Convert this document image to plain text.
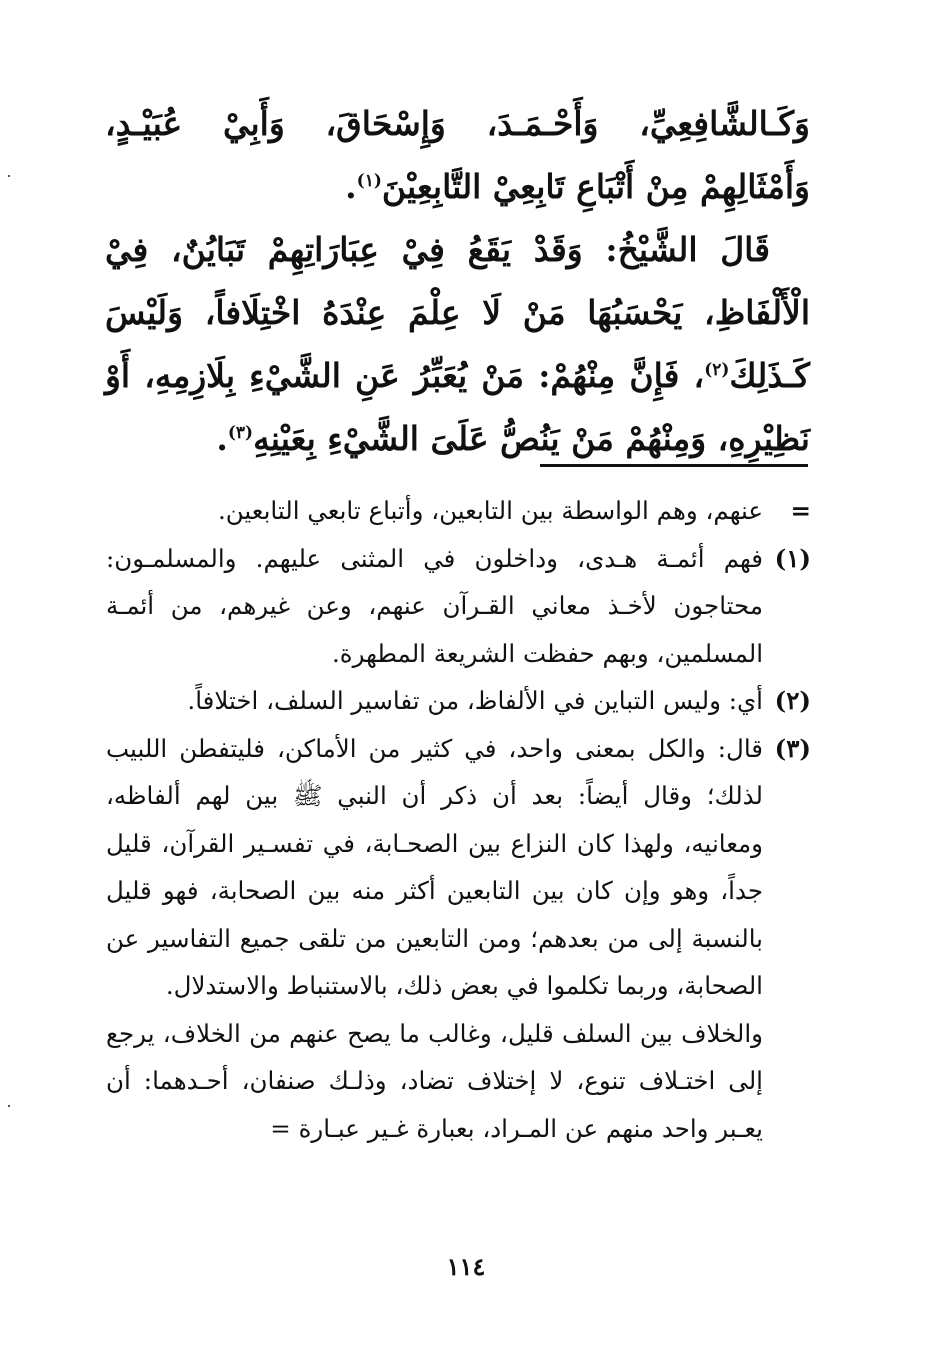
وَكَـالشَّافِعِيِّ، وَأَحْـمَـدَ، وَإِسْحَاقَ، وَأَبِيْ عُبَيْـدٍ، وَأَمْثَالِهِمْ مِنْ أَتْبَاعِ تَابِعِيْ التَّابِعِيْنَ$^{(١)}$.

قَالَ الشَّيْخُ: وَقَدْ يَقَعُ فِيْ عِبَارَاتِهِمْ تَبَايُنٌ، فِيْ الْأَلْفَاظِ، يَحْسَبُهَا مَنْ لَا عِلْمَ عِنْدَهُ اخْتِلَافاً، وَلَيْسَ كَـذَلِكَ$^{(٢)}$، فَإِنَّ مِنْهُمْ: مَنْ يُعَبِّرُ عَنِ الشَّيْءِ بِلَازِمِهِ، أَوْ نَظِيْرِهِ، وَمِنْهُمْ مَنْ يَنُصُّ عَلَىَ الشَّيْءِ بِعَيْنِهِ$^{(٣)}$.

=
عنهم، وهم الواسطة بين التابعين، وأتباع تابعي التابعين.
(١)
فهم أئمـة هـدى، وداخلون في المثنى عليهم. والمسلمـون: محتاجون لأخـذ معاني القـرآن عنهم، وعن غيرهم، من أئمـة المسلمين، وبهم حفظت الشريعة المطهرة.
(٢)
أي: وليس التباين في الألفاظ، من تفاسير السلف، اختلافاً.
(٣)
قال: والكل بمعنى واحد، في كثير من الأماكن، فليتفطن اللبيب لذلك؛ وقال أيضاً: بعد أن ذكر أن النبي ﷺ بين لهم ألفاظه، ومعانيه، ولهذا كان النزاع بين الصحـابة، في تفسـير القرآن، قليل جداً، وهو وإن كان بين التابعين أكثر منه بين الصحابة، فهو قليل بالنسبة إلى من بعدهم؛ ومن التابعين من تلقى جميع التفاسير عن الصحابة، وربما تكلموا في بعض ذلك، بالاستنباط والاستدلال.
والخلاف بين السلف قليل، وغالب ما يصح عنهم من الخلاف، يرجع إلى اختـلاف تنوع، لا إختلاف تضاد، وذلـك صنفان، أحـدهما: أن يعـبر واحد منهم عن المـراد، بعبارة غـير عبـارة =
١١٤
